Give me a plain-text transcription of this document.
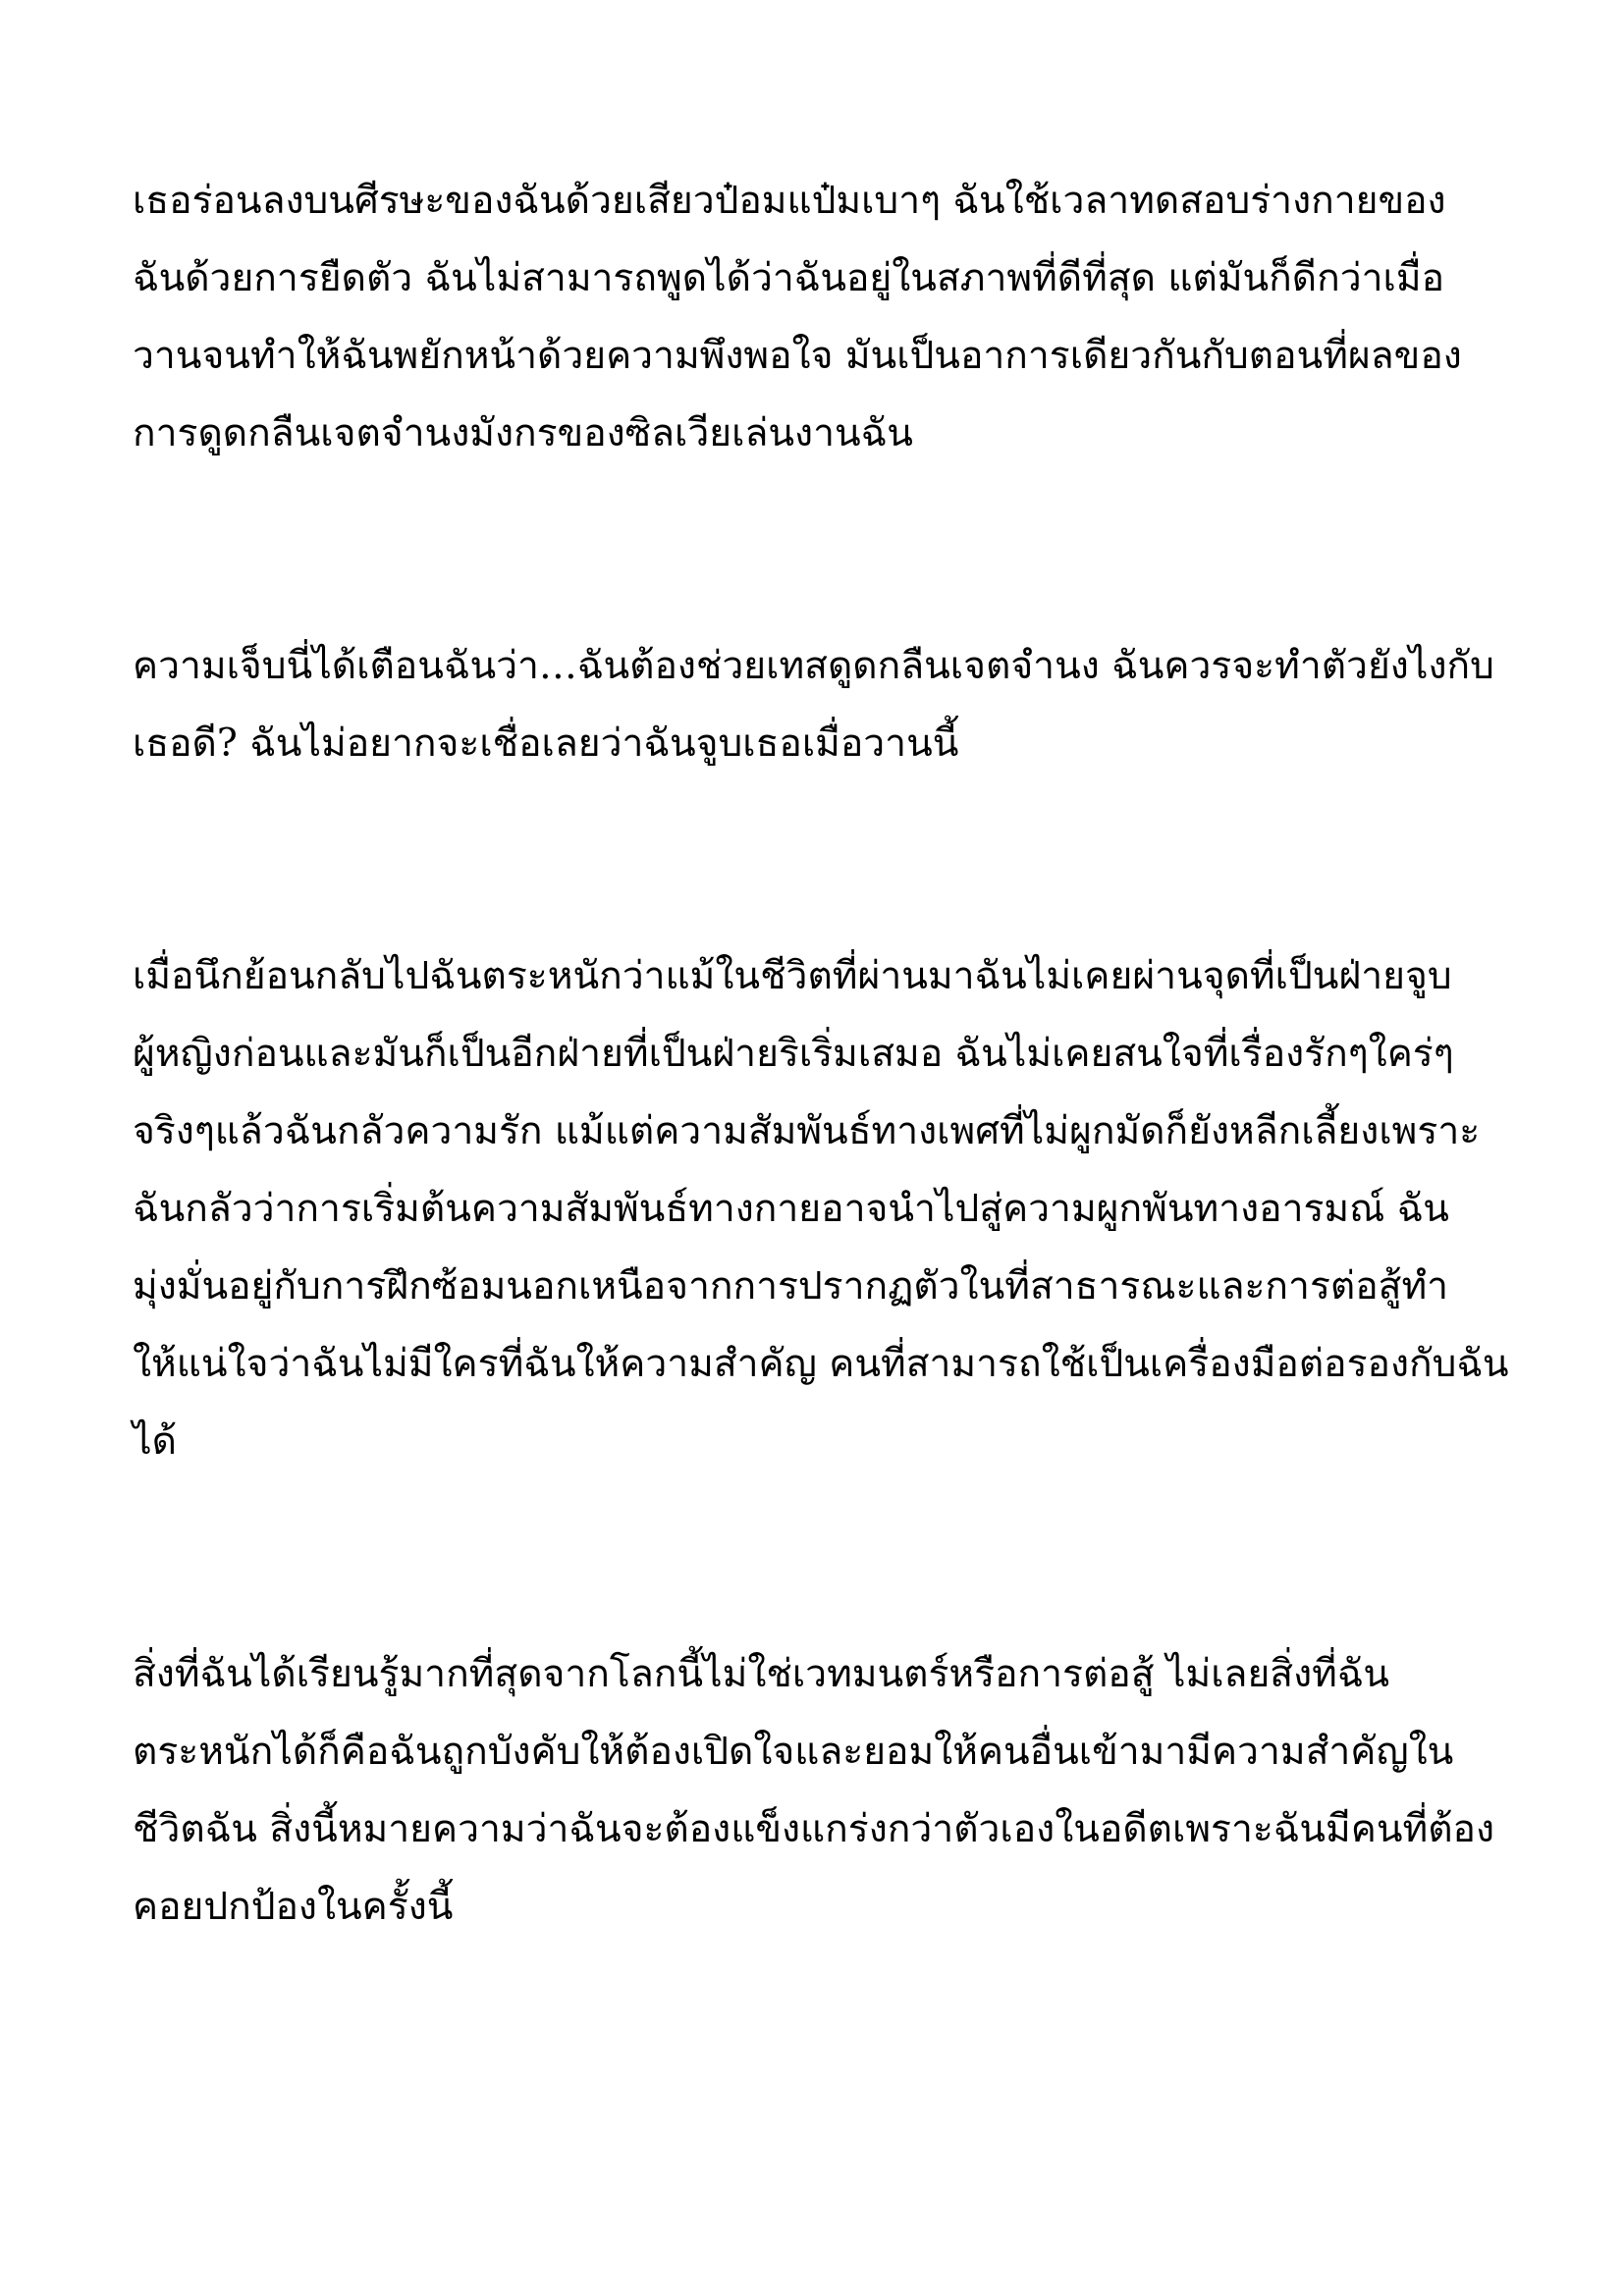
เธอร่อนลงบนศีรษะของฉันด้วยเสียวป๋อมแป๋มเบาๆ ฉันใช้เวลาทดสอบร่างกายของ
ฉันด้วยการยืดตัว ฉันไม่สามารถพูดได้ว่าฉันอยู่ในสภาพที่ดีที่สุด แต่มันก็ดีกว่าเมื่อ
วานจนทำให้ฉันพยักหน้าด้วยความพึงพอใจ มันเป็นอาการเดียวกันกับตอนที่ผลของ
การดูดกลืนเจตจำนงมังกรของซิลเวียเล่นงานฉัน
ความเจ็บนี่ได้เตือนฉันว่า…ฉันต้องช่วยเทสดูดกลืนเจตจำนง ฉันควรจะทำตัวยังไงกับ
เธอดี? ฉันไม่อยากจะเชื่อเลยว่าฉันจูบเธอเมื่อวานนี้
เมื่อนึกย้อนกลับไปฉันตระหนักว่าแม้ในชีวิตที่ผ่านมาฉันไม่เคยผ่านจุดที่เป็นฝ่ายจูบ
ผู้หญิงก่อนและมันก็เป็นอีกฝ่ายที่เป็นฝ่ายริเริ่มเสมอ ฉันไม่เคยสนใจที่เรื่องรักๆใคร่ๆ
จริงๆแล้วฉันกลัวความรัก แม้แต่ความสัมพันธ์ทางเพศที่ไม่ผูกมัดก็ยังหลีกเลี้ยงเพราะ
ฉันกลัวว่าการเริ่มต้นความสัมพันธ์ทางกายอาจนำไปสู่ความผูกพันทางอารมณ์ ฉัน
มุ่งมั่นอยู่กับการฝึกซ้อมนอกเหนือจากการปรากฏตัวในที่สาธารณะและการต่อสู้ทำ
ให้แน่ใจว่าฉันไม่มีใครที่ฉันให้ความสำคัญ คนที่สามารถใช้เป็นเครื่องมือต่อรองกับฉัน
ได้
สิ่งที่ฉันได้เรียนรู้มากที่สุดจากโลกนี้ไม่ใช่เวทมนตร์หรือการต่อสู้ ไม่เลยสิ่งที่ฉัน
ตระหนักได้ก็คือฉันถูกบังคับให้ต้องเปิดใจและยอมให้คนอื่นเข้ามามีความสำคัญใน
ชีวิตฉัน สิ่งนี้หมายความว่าฉันจะต้องแข็งแกร่งกว่าตัวเองในอดีตเพราะฉันมีคนที่ต้อง
คอยปกป้องในครั้งนี้
